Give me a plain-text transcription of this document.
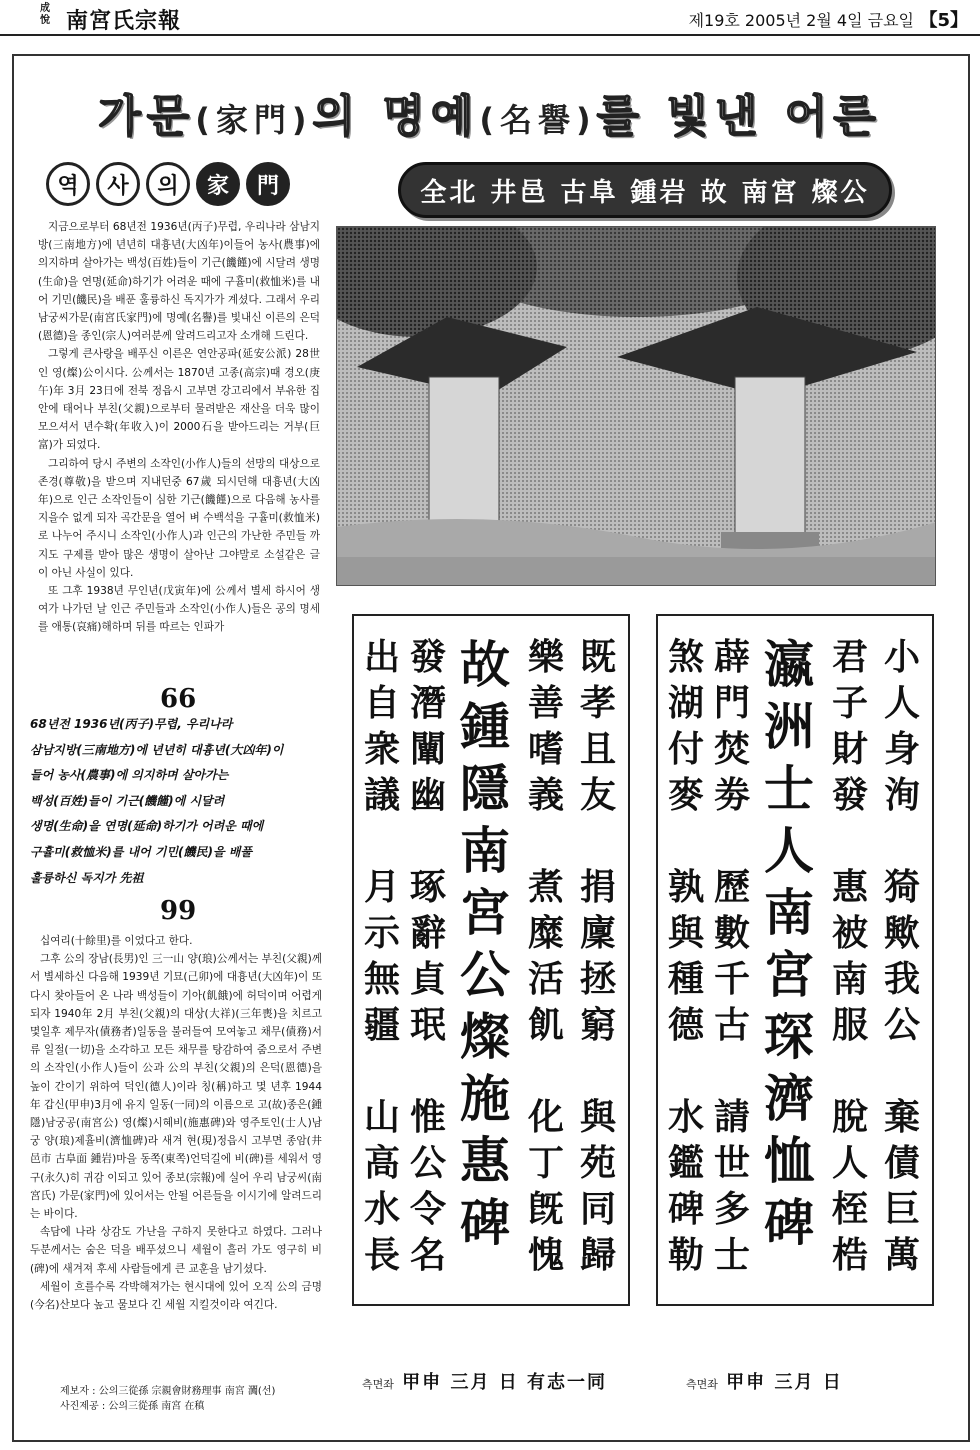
成悅 南宮氏宗報	제19호 2005년 2월 4일 금요일 【5】
가문(家門)의 명예(名譽)를 빛낸 어른
역	사	의	家	門	全北 井邑 古阜 鍾岩 故 南宮 燦公

지금으로부터 68년전 1936년(丙子)무렵, 우리나라 삼남지방(三南地方)에 년년히 대흉년(大凶年)이들어 농사(農事)에 의지하며 살아가는 백성(百姓)들이 기근(饑饉)에 시달려 생명(生命)을 연명(延命)하기가 어려운 때에 구휼미(救恤米)를 내어 기민(饑民)을 배푼 훌륭하신 독지가가 계셨다. 그래서 우리 남궁씨가문(南宮氏家門)에 명예(名譽)를 빛내신 이른의 은덕(恩德)을 종인(宗人)여러분께 알려드리고자 소개해 드린다.

그렇게 큰사랑을 배푸신 이른은 연안공파(延安公派) 28世인 영(燦)公이시다. 公께서는 1870년 고종(高宗)때 경오(庚午)年 3月 23日에 전북 정읍시 고부면 강고리에서 부유한 집안에 태어나 부친(父親)으로부터 물려받은 재산을 더욱 많이 모으셔서 년수확(年收入)이 2000石을 받아드리는 거부(巨富)가 되었다.

그리하여 당시 주변의 소작인(小作人)들의 선망의 대상으로 존경(尊敬)을 받으며 지내던중 67歲 되시던해 대흉년(大凶年)으로 인근 소작인들이 심한 기근(饑饉)으로 다음해 농사를 지을수 없게 되자 곡간문을 열어 벼 수백석을 구휼미(救恤米)로 나누어 주시니 소작인(小作人)과 인근의 가난한 주민들 까지도 구제를 받아 많은 생명이 살아난 그야말로 소설같은 글이 아닌 사실이 있다.

또 그후 1938년 무인년(戊寅年)에 公께서 별세 하시어 생여가 나가던 날 인근 주민들과 소작인(小作人)들은 공의 명세를 애통(哀痛)해하며 뒤를 따르는 인파가

66
68년전 1936년(丙子)무렵, 우리나라
삼남지방(三南地方)에 년년히 대흉년(大凶年)이
들어 농사(農事)에 의지하며 살아가는
백성(百姓)들이 기근(饑饉)에 시달려
생명(生命)을 연명(延命)하기가 어려운 때에
구휼미(救恤米)를 내어 기민(饑民)을 배풀
훌륭하신 독지가 先祖
99

십여리(十餘里)를 이었다고 한다.

그후 公의 장남(長男)인 三一山 양(琅)公께서는 부친(父親)께서 별세하신 다음해 1939년 기묘(己卯)에 대흉년(大凶年)이 또다시 찾아들어 온 나라 백성들이 기아(飢餓)에 허덕이며 어렵게 되자 1940年 2月 부친(父親)의 대상(大祥)(三年喪)을 치르고 몇일후 제무자(債務者)일동을 불러들여 모여놓고 채무(債務)서류 일절(一切)을 소각하고 모든 채무를 탕감하여 줌으로서 주변의 소작인(小作人)들이 公과 公의 부친(父親)의 은덕(恩德)을 높이 간이기 위하여 덕인(德人)이라 칭(稱)하고 몇 년후 1944年 갑신(甲申)3月에 유지 일동(一同)의 이름으로 고(故)종은(鍾隱)남궁공(南宮公) 영(燦)시혜비(施惠碑)와 영주토인(士人)남궁 양(琅)제휼비(濟恤碑)라 새겨 현(現)정읍시 고부면 종암(井邑市 古阜面 鍾岩)마을 동쪽(東쪽)언덕길에 비(碑)를 세워서 영구(永久)히 귀감 이되고 있어 종보(宗報)에 실어 우리 남궁씨(南宮氏) 가문(家門)에 있어서는 안될 어른들을 이시기에 알려드리는 바이다.

속담에 나라 상감도 가난을 구하지 못한다고 하였다. 그러나 두분께서는 숨은 덕을 배푸셨으니 세월이 흘러 가도 영구히 비(碑)에 새겨져 후세 사람들에게 큰 교훈을 남기셨다.

세월이 흐를수록 각박해져가는 현시대에 있어 오직 公의 금명(今名)산보다 높고 물보다 긴 세월 지킬것이라 여긴다.

제보자 : 公의三從孫 宗親會財務理事 南宮 㶒(선)
사진제공 : 公의三從孫 南宮 在稹
既
孝
且
友
捐
廩
拯
窮
與
苑
同
歸
樂
善
嗜
義
煮
糜
活
飢
化
丁
旣
愧
故
鍾
隱
南
宮
公
燦
施
惠
碑
發
潛
闡
幽
琢
辭
貞
珉
惟
公
令
名
出
自
衆
議
月
示
無
疆
山
高
水
長
小
人
身
洵
猗
歟
我
公
棄
債
巨
萬
君
子
財
發
惠
被
南
服
脫
人
桎
梏
瀛
洲
士
人
南
宮
琛
濟
恤
碑
薜
門
焚
劵
歷
數
千
古
請
世
多
士
煞
湖
付
麥
孰
與
種
德
水
鑑
碑
勒
측면좌 甲申 三月 日 有志一同	측면좌 甲申 三月 日
